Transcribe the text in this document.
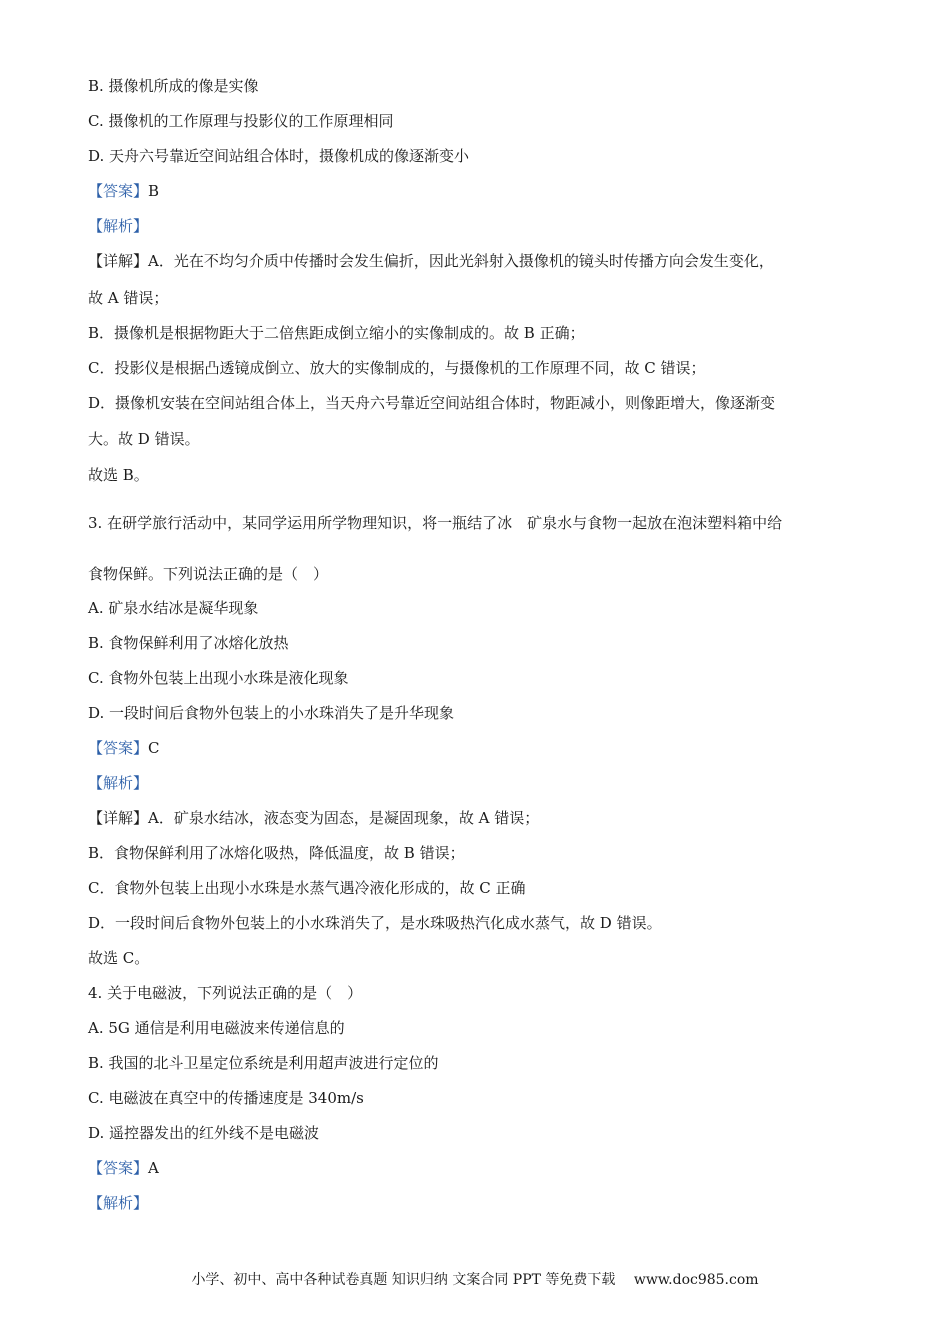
B. 摄像机所成的像是实像
C. 摄像机的工作原理与投影仪的工作原理相同
D. 天舟六号靠近空间站组合体时，摄像机成的像逐渐变小
【答案】B
【解析】
【详解】A．光在不均匀介质中传播时会发生偏折，因此光斜射入摄像机的镜头时传播方向会发生变化，
故 A 错误；
B．摄像机是根据物距大于二倍焦距成倒立缩小的实像制成的。故 B 正确；
C．投影仪是根据凸透镜成倒立、放大的实像制成的，与摄像机的工作原理不同，故 C 错误；
D．摄像机安装在空间站组合体上，当天舟六号靠近空间站组合体时，物距减小，则像距增大，像逐渐变
大。故 D 错误。
故选 B。
3. 在研学旅行活动中，某同学运用所学物理知识，将一瓶结了冰　矿泉水与食物一起放在泡沫塑料箱中给
食物保鲜。下列说法正确的是（　）
A. 矿泉水结冰是凝华现象
B. 食物保鲜利用了冰熔化放热
C. 食物外包装上出现小水珠是液化现象
D. 一段时间后食物外包装上的小水珠消失了是升华现象
【答案】C
【解析】
【详解】A．矿泉水结冰，液态变为固态，是凝固现象，故 A 错误；
B．食物保鲜利用了冰熔化吸热，降低温度，故 B 错误；
C．食物外包装上出现小水珠是水蒸气遇冷液化形成的，故 C 正确
D．一段时间后食物外包装上的小水珠消失了，是水珠吸热汽化成水蒸气，故 D 错误。
故选 C。
4. 关于电磁波，下列说法正确的是（　）
A. 5G 通信是利用电磁波来传递信息的
B. 我国的北斗卫星定位系统是利用超声波进行定位的
C. 电磁波在真空中的传播速度是 340m/s
D. 遥控器发出的红外线不是电磁波
【答案】A
【解析】
小学、初中、高中各种试卷真题 知识归纳 文案合同 PPT 等免费下载　 www.doc985.com
